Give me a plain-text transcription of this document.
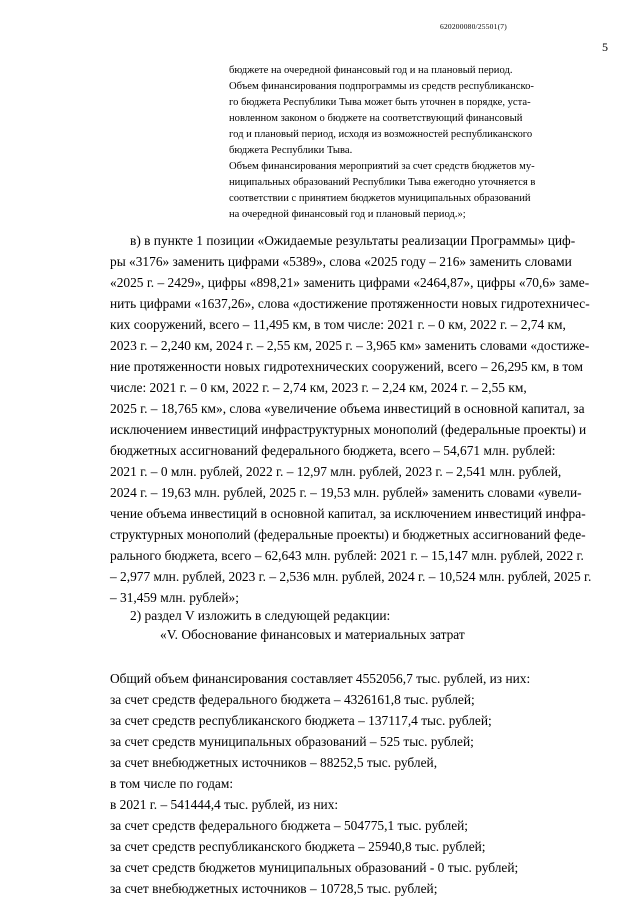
620200080/25501(7)
5
бюджете на очередной финансовый год и на плановый период.
Объем финансирования подпрограммы из средств республиканско-
го бюджета Республики Тыва может быть уточнен в порядке, уста-
новленном законом о бюджете на соответствующий финансовый
год и плановый период, исходя из возможностей республиканского
бюджета Республики Тыва.
Объем финансирования мероприятий за счет средств бюджетов му-
ниципальных образований Республики Тыва ежегодно уточняется в
соответствии с принятием бюджетов муниципальных образований
на очередной финансовый год и плановый период.»;
в) в пункте 1 позиции «Ожидаемые результаты реализации Программы» циф-
ры «3176» заменить цифрами «5389», слова «2025 году – 216» заменить словами
«2025 г. – 2429», цифры «898,21» заменить цифрами «2464,87», цифры «70,6» заме-
нить цифрами «1637,26», слова «достижение протяженности новых гидротехничес-
ких сооружений, всего – 11,495 км, в том числе: 2021 г. – 0 км, 2022 г. – 2,74 км,
2023 г. – 2,240 км, 2024 г. – 2,55 км, 2025 г. – 3,965 км» заменить словами «достиже-
ние протяженности новых гидротехнических сооружений, всего – 26,295 км, в том
числе: 2021 г. – 0 км, 2022 г. – 2,74 км, 2023 г. – 2,24 км, 2024 г. – 2,55 км,
2025 г. – 18,765 км», слова «увеличение объема инвестиций в основной капитал, за
исключением инвестиций инфраструктурных монополий (федеральные проекты) и
бюджетных ассигнований федерального бюджета, всего – 54,671 млн. рублей:
2021 г. – 0 млн. рублей, 2022 г. – 12,97 млн. рублей, 2023 г. – 2,541 млн. рублей,
2024 г. – 19,63 млн. рублей, 2025 г. – 19,53 млн. рублей» заменить словами «увели-
чение объема инвестиций в основной капитал, за исключением инвестиций инфра-
структурных монополий (федеральные проекты) и бюджетных ассигнований феде-
рального бюджета, всего – 62,643 млн. рублей: 2021 г. – 15,147 млн. рублей, 2022 г.
– 2,977 млн. рублей, 2023 г. – 2,536 млн. рублей, 2024 г. – 10,524 млн. рублей, 2025 г.
– 31,459 млн. рублей»;
2) раздел V изложить в следующей редакции:
«V. Обоснование финансовых и материальных затрат
Общий объем финансирования составляет 4552056,7 тыс. рублей, из них:
за счет средств федерального бюджета – 4326161,8 тыс. рублей;
за счет средств республиканского бюджета – 137117,4 тыс. рублей;
за счет средств муниципальных образований – 525 тыс. рублей;
за счет внебюджетных источников – 88252,5 тыс. рублей,
в том числе по годам:
в 2021 г. – 541444,4 тыс. рублей, из них:
за счет средств федерального бюджета – 504775,1 тыс. рублей;
за счет средств республиканского бюджета – 25940,8 тыс. рублей;
за счет средств бюджетов муниципальных образований - 0 тыс. рублей;
за счет внебюджетных источников – 10728,5 тыс. рублей;
